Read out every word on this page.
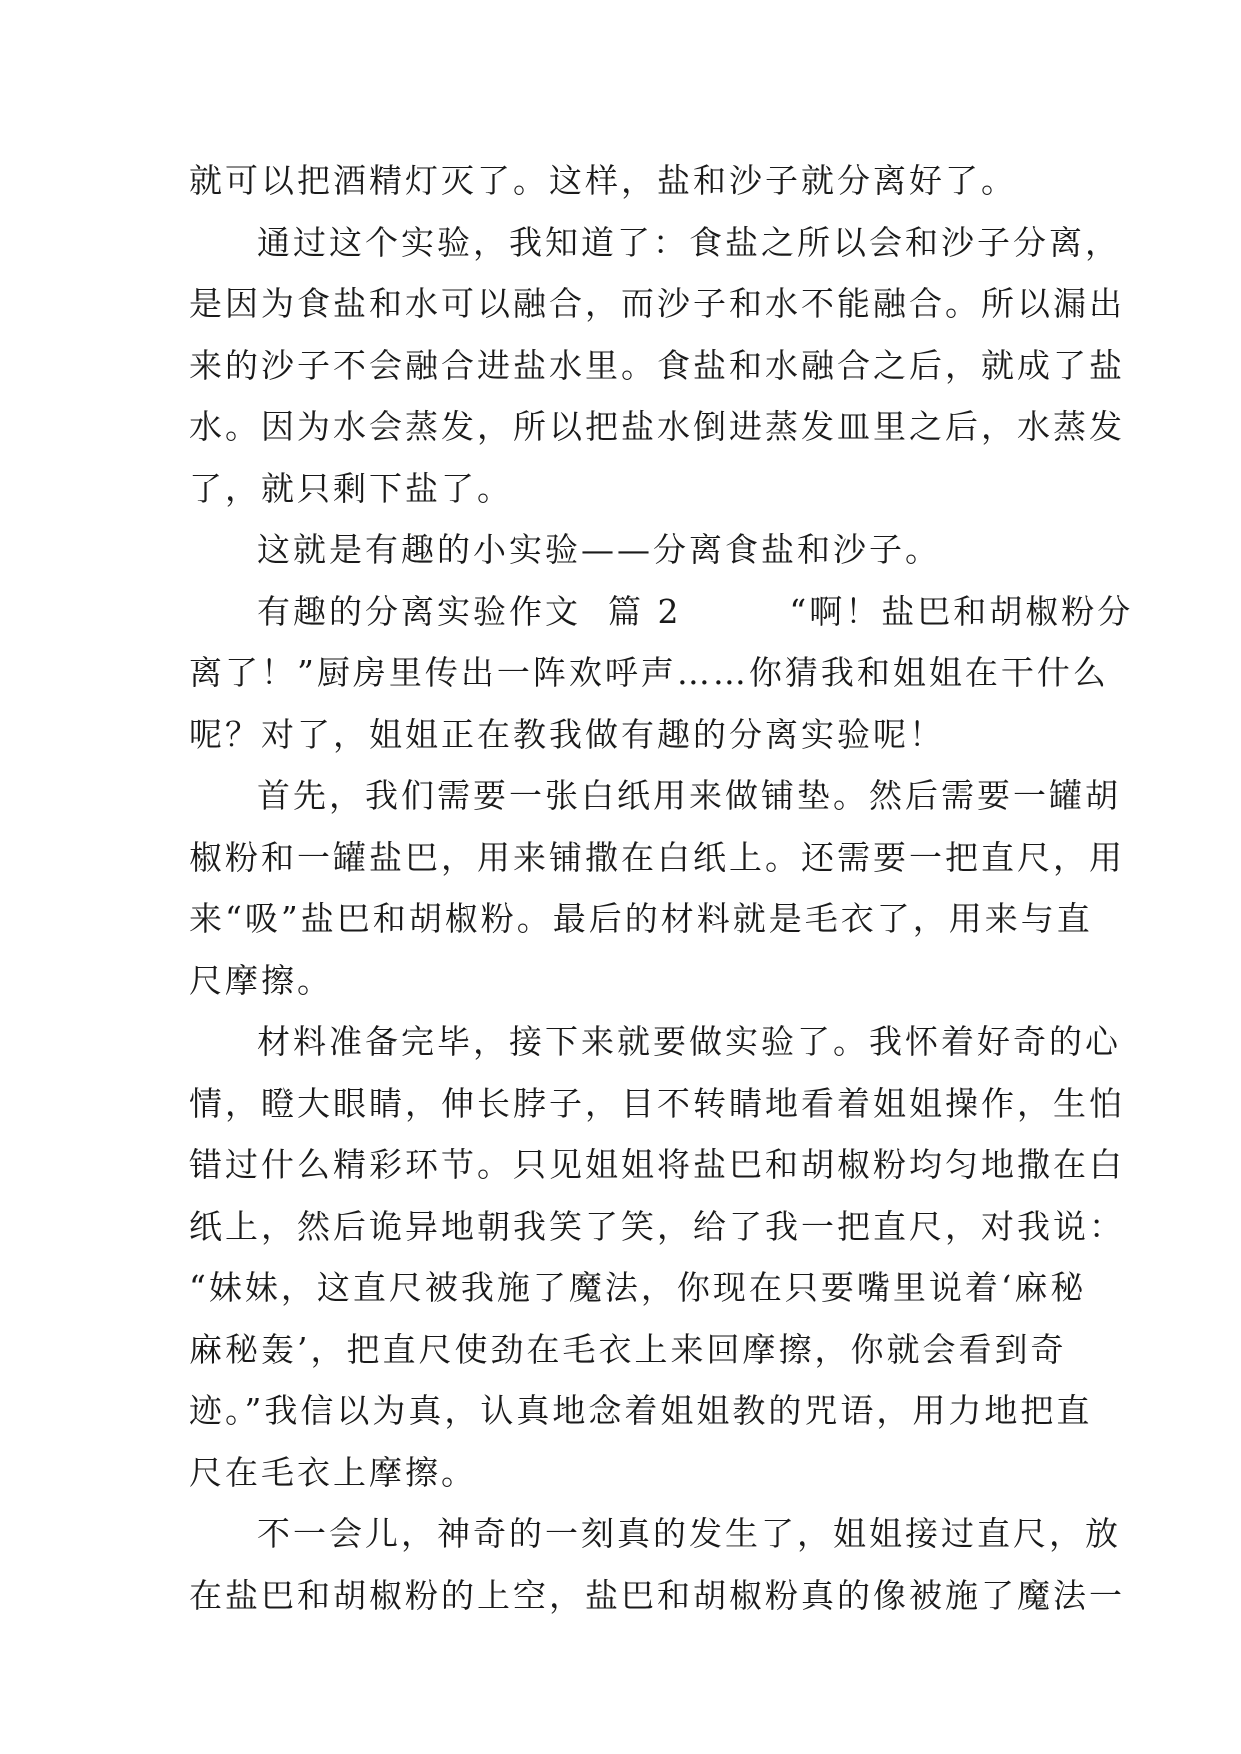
就可以把酒精灯灭了。这样，盐和沙子就分离好了。
通过这个实验，我知道了：食盐之所以会和沙子分离，
是因为食盐和水可以融合，而沙子和水不能融合。所以漏出
来的沙子不会融合进盐水里。食盐和水融合之后，就成了盐
水。因为水会蒸发，所以把盐水倒进蒸发皿里之后，水蒸发
了，就只剩下盐了。
这就是有趣的小实验——分离食盐和沙子。
有趣的分离实验作文  篇 2        “啊！盐巴和胡椒粉分
离了！”厨房里传出一阵欢呼声……你猜我和姐姐在干什么
呢？对了，姐姐正在教我做有趣的分离实验呢！
首先，我们需要一张白纸用来做铺垫。然后需要一罐胡
椒粉和一罐盐巴，用来铺撒在白纸上。还需要一把直尺，用
来“吸”盐巴和胡椒粉。最后的材料就是毛衣了，用来与直
尺摩擦。
材料准备完毕，接下来就要做实验了。我怀着好奇的心
情，瞪大眼睛，伸长脖子，目不转睛地看着姐姐操作，生怕
错过什么精彩环节。只见姐姐将盐巴和胡椒粉均匀地撒在白
纸上，然后诡异地朝我笑了笑，给了我一把直尺，对我说：
“妹妹，这直尺被我施了魔法，你现在只要嘴里说着‘麻秘
麻秘轰’，把直尺使劲在毛衣上来回摩擦，你就会看到奇
迹。”我信以为真，认真地念着姐姐教的咒语，用力地把直
尺在毛衣上摩擦。
不一会儿，神奇的一刻真的发生了，姐姐接过直尺，放
在盐巴和胡椒粉的上空，盐巴和胡椒粉真的像被施了魔法一
